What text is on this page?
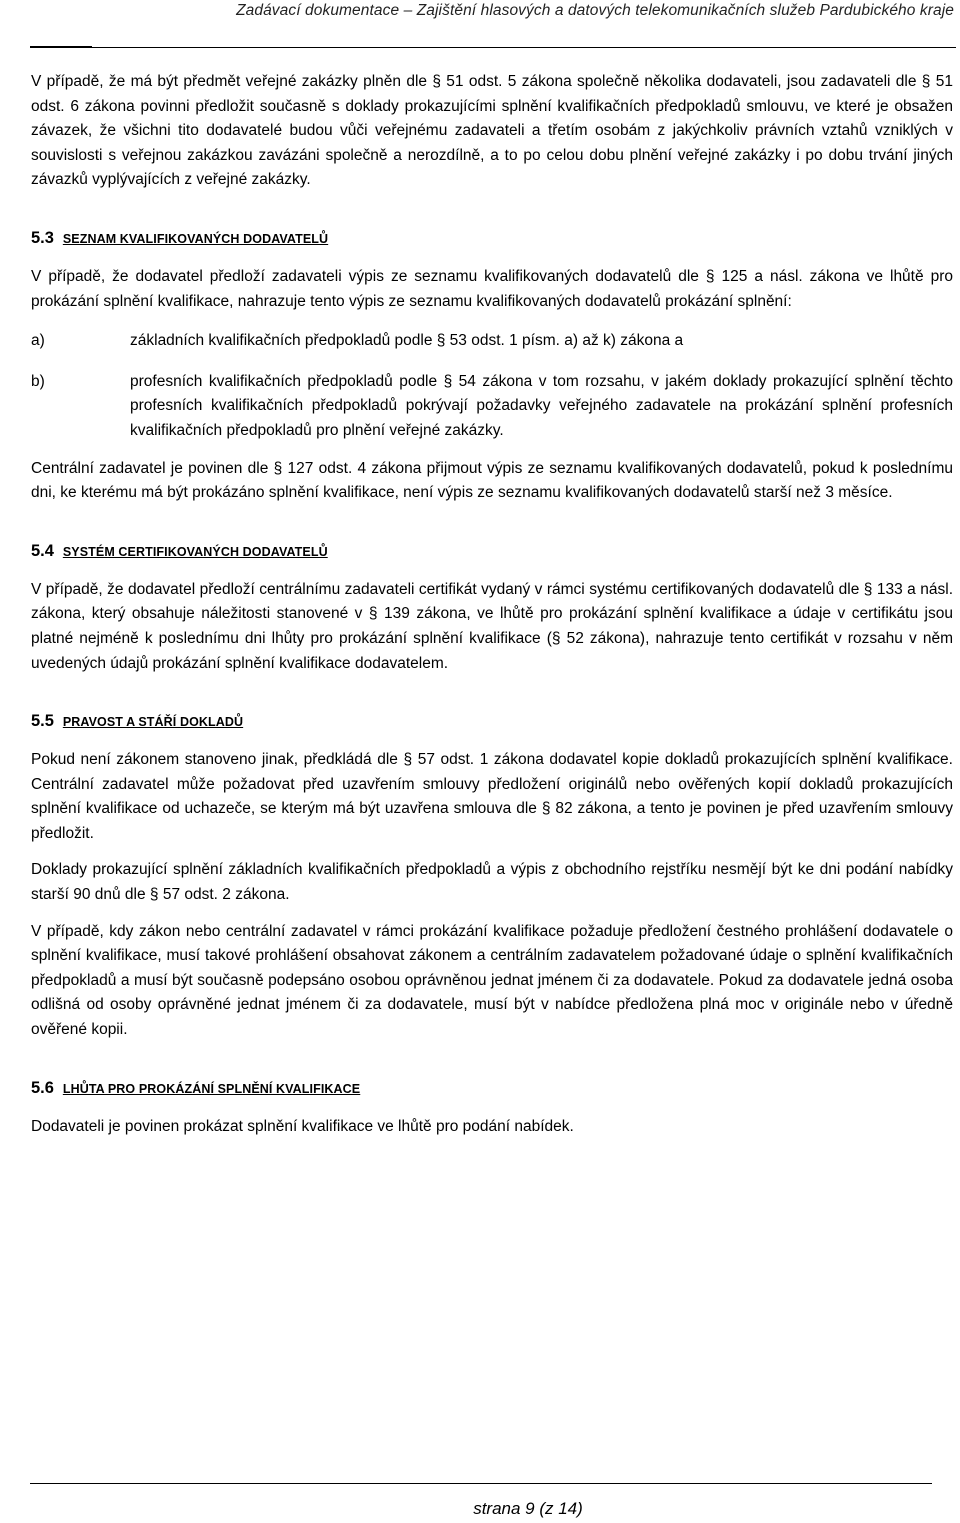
Zadávací dokumentace – Zajištění hlasových a datových telekomunikačních služeb Pardubického kraje

V případě, že má být předmět veřejné zakázky plněn dle § 51 odst. 5 zákona společně několika dodavateli, jsou zadavateli dle § 51 odst. 6 zákona povinni předložit současně s doklady prokazujícími splnění kvalifikačních předpokladů smlouvu, ve které je obsažen závazek, že všichni tito dodavatelé budou vůči veřejnému zadavateli a třetím osobám z jakýchkoliv právních vztahů vzniklých v souvislosti s veřejnou zakázkou zavázáni společně a nerozdílně, a to po celou dobu plnění veřejné zakázky i po dobu trvání jiných závazků vyplývajících z veřejné zakázky.

5.3 SEZNAM KVALIFIKOVANÝCH DODAVATELŮ

V případě, že dodavatel předloží zadavateli výpis ze seznamu kvalifikovaných dodavatelů dle § 125 a násl. zákona ve lhůtě pro prokázání splnění kvalifikace, nahrazuje tento výpis ze seznamu kvalifikovaných dodavatelů prokázání splnění:

a)	základních kvalifikačních předpokladů podle § 53 odst. 1 písm. a) až k) zákona a
b)	profesních kvalifikačních předpokladů podle § 54 zákona v tom rozsahu, v jakém doklady prokazující splnění těchto profesních kvalifikačních předpokladů pokrývají požadavky veřejného zadavatele na prokázání splnění profesních kvalifikačních předpokladů pro plnění veřejné zakázky.

Centrální zadavatel je povinen dle § 127 odst. 4 zákona přijmout výpis ze seznamu kvalifikovaných dodavatelů, pokud k poslednímu dni, ke kterému má být prokázáno splnění kvalifikace, není výpis ze seznamu kvalifikovaných dodavatelů starší než 3 měsíce.

5.4 SYSTÉM CERTIFIKOVANÝCH DODAVATELŮ

V případě, že dodavatel předloží centrálnímu zadavateli certifikát vydaný v rámci systému certifikovaných dodavatelů dle § 133 a násl. zákona, který obsahuje náležitosti stanovené v § 139 zákona, ve lhůtě pro prokázání splnění kvalifikace a údaje v certifikátu jsou platné nejméně k poslednímu dni lhůty pro prokázání splnění kvalifikace (§ 52 zákona), nahrazuje tento certifikát v rozsahu v něm uvedených údajů prokázání splnění kvalifikace dodavatelem.

5.5 PRAVOST A STÁŘÍ DOKLADŮ

Pokud není zákonem stanoveno jinak, předkládá dle § 57 odst. 1 zákona dodavatel kopie dokladů prokazujících splnění kvalifikace. Centrální zadavatel může požadovat před uzavřením smlouvy předložení originálů nebo ověřených kopií dokladů prokazujících splnění kvalifikace od uchazeče, se kterým má být uzavřena smlouva dle § 82 zákona, a tento je povinen je před uzavřením smlouvy předložit.

Doklady prokazující splnění základních kvalifikačních předpokladů a výpis z obchodního rejstříku nesmějí být ke dni podání nabídky starší 90 dnů dle § 57 odst. 2 zákona.

V případě, kdy zákon nebo centrální zadavatel v rámci prokázání kvalifikace požaduje předložení čestného prohlášení dodavatele o splnění kvalifikace, musí takové prohlášení obsahovat zákonem a centrálním zadavatelem požadované údaje o splnění kvalifikačních předpokladů a musí být současně podepsáno osobou oprávněnou jednat jménem či za dodavatele. Pokud za dodavatele jedná osoba odlišná od osoby oprávněné jednat jménem či za dodavatele, musí být v nabídce předložena plná moc v originále nebo v úředně ověřené kopii.

5.6 LHŮTA PRO PROKÁZÁNÍ SPLNĚNÍ KVALIFIKACE

Dodavateli je povinen prokázat splnění kvalifikace ve lhůtě pro podání nabídek.

strana 9 (z 14)
